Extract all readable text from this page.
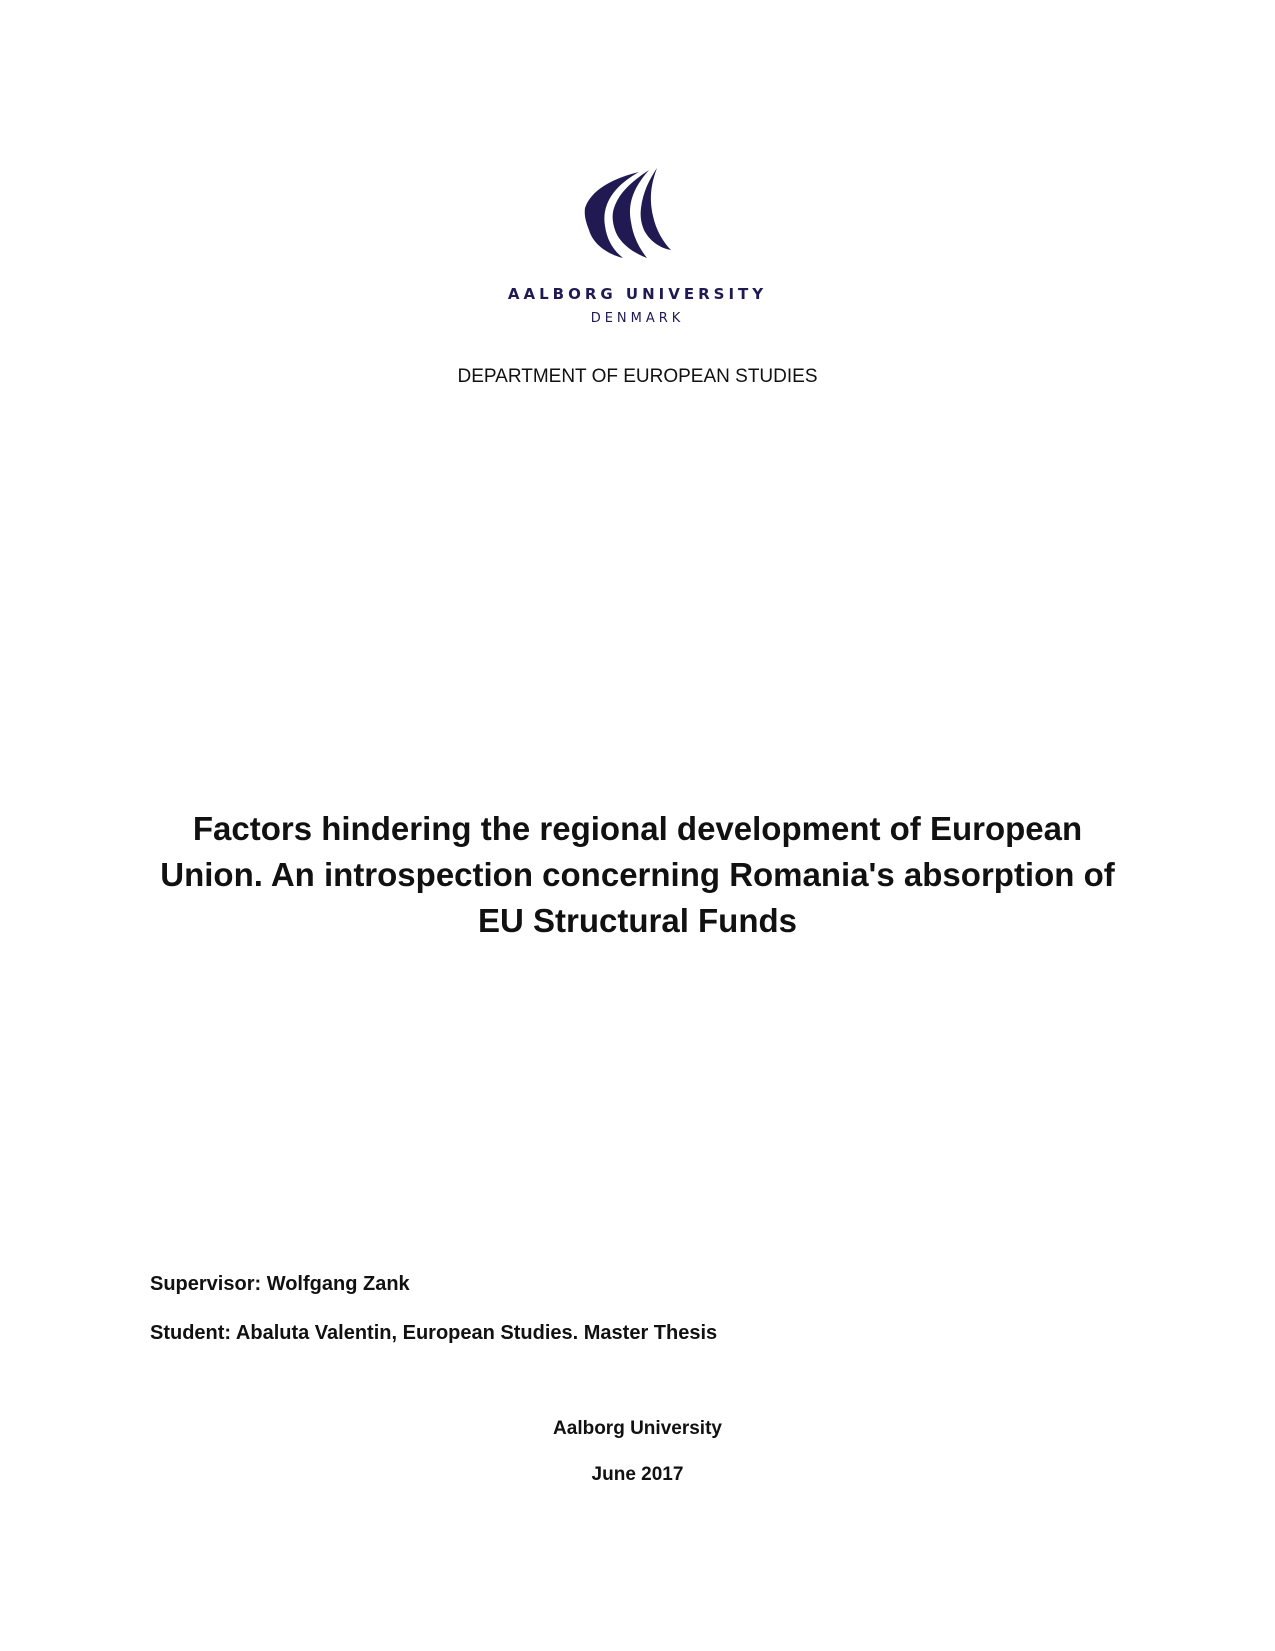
AALBORG UNIVERSITY
DENMARK
DEPARTMENT OF EUROPEAN STUDIES
Factors hindering the regional development of European
Union. An introspection concerning Romania's absorption of
EU Structural Funds
Supervisor: Wolfgang Zank
Student: Abaluta Valentin, European Studies. Master Thesis
Aalborg University
June 2017
